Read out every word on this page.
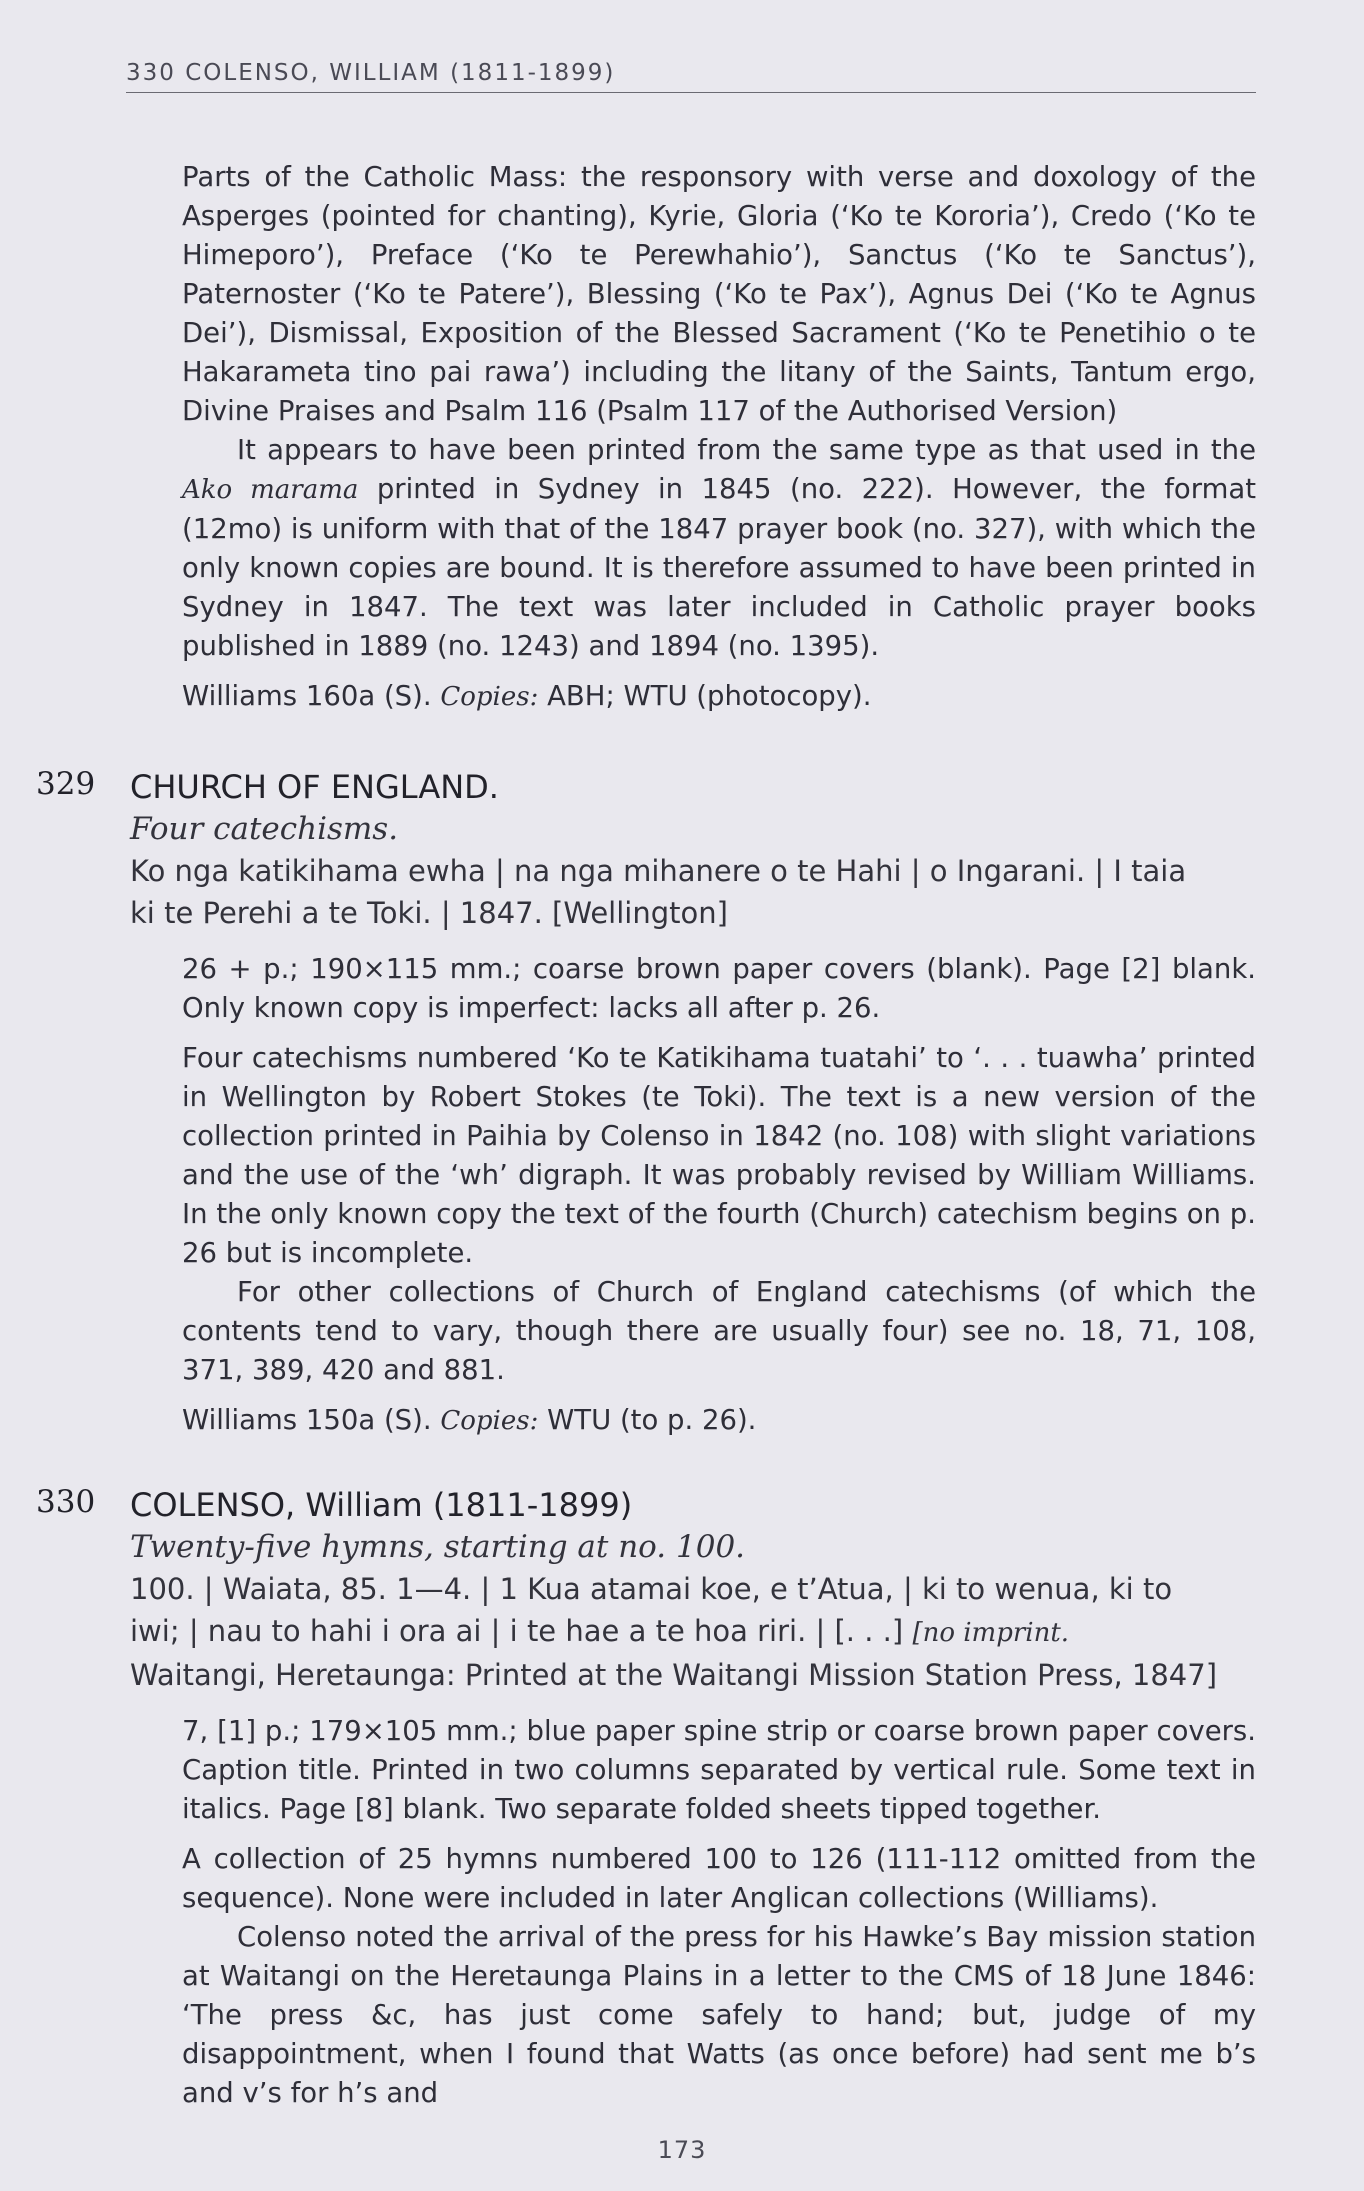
330 COLENSO, WILLIAM (1811-1899)

Parts of the Catholic Mass: the responsory with verse and doxology of the Asperges (pointed for chanting), Kyrie, Gloria (‘Ko te Kororia’), Credo (‘Ko te Himeporo’), Preface (‘Ko te Perewhahio’), Sanctus (‘Ko te Sanctus’), Paternoster (‘Ko te Patere’), Blessing (‘Ko te Pax’), Agnus Dei (‘Ko te Agnus Dei’), Dismissal, Exposition of the Blessed Sacrament (‘Ko te Penetihio o te Hakarameta tino pai rawa’) including the litany of the Saints, Tantum ergo, Divine Praises and Psalm 116 (Psalm 117 of the Authorised Version)

It appears to have been printed from the same type as that used in the Ako marama printed in Sydney in 1845 (no. 222). However, the format (12mo) is uniform with that of the 1847 prayer book (no. 327), with which the only known copies are bound. It is therefore assumed to have been printed in Sydney in 1847. The text was later included in Catholic prayer books published in 1889 (no. 1243) and 1894 (no. 1395).

Williams 160a (S). Copies: ABH; WTU (photocopy).

329 CHURCH OF ENGLAND.
Four catechisms.
Ko nga katikihama ewha | na nga mihanere o te Hahi | o Ingarani. | I taia
ki te Perehi a te Toki. | 1847. [Wellington]

26 + p.; 190×115 mm.; coarse brown paper covers (blank). Page [2] blank. Only known copy is imperfect: lacks all after p. 26.

Four catechisms numbered ‘Ko te Katikihama tuatahi’ to ‘. . . tuawha’ printed in Wellington by Robert Stokes (te Toki). The text is a new version of the collection printed in Paihia by Colenso in 1842 (no. 108) with slight variations and the use of the ‘wh’ digraph. It was probably revised by William Williams. In the only known copy the text of the fourth (Church) catechism begins on p. 26 but is incomplete.

For other collections of Church of England catechisms (of which the contents tend to vary, though there are usually four) see no. 18, 71, 108, 371, 389, 420 and 881.

Williams 150a (S). Copies: WTU (to p. 26).

330 COLENSO, William (1811-1899)
Twenty-five hymns, starting at no. 100.
100. | Waiata, 85. 1—4. | 1 Kua atamai koe, e t’Atua, | ki to wenua, ki to
iwi; | nau to hahi i ora ai | i te hae a te hoa riri. | [. . .] [no imprint.
Waitangi, Heretaunga: Printed at the Waitangi Mission Station Press, 1847]

7, [1] p.; 179×105 mm.; blue paper spine strip or coarse brown paper covers. Caption title. Printed in two columns separated by vertical rule. Some text in italics. Page [8] blank. Two separate folded sheets tipped together.

A collection of 25 hymns numbered 100 to 126 (111-112 omitted from the sequence). None were included in later Anglican collections (Williams).

Colenso noted the arrival of the press for his Hawke’s Bay mission station at Waitangi on the Heretaunga Plains in a letter to the CMS of 18 June 1846: ‘The press &c, has just come safely to hand; but, judge of my disappointment, when I found that Watts (as once before) had sent me b’s and v’s for h’s and

173
